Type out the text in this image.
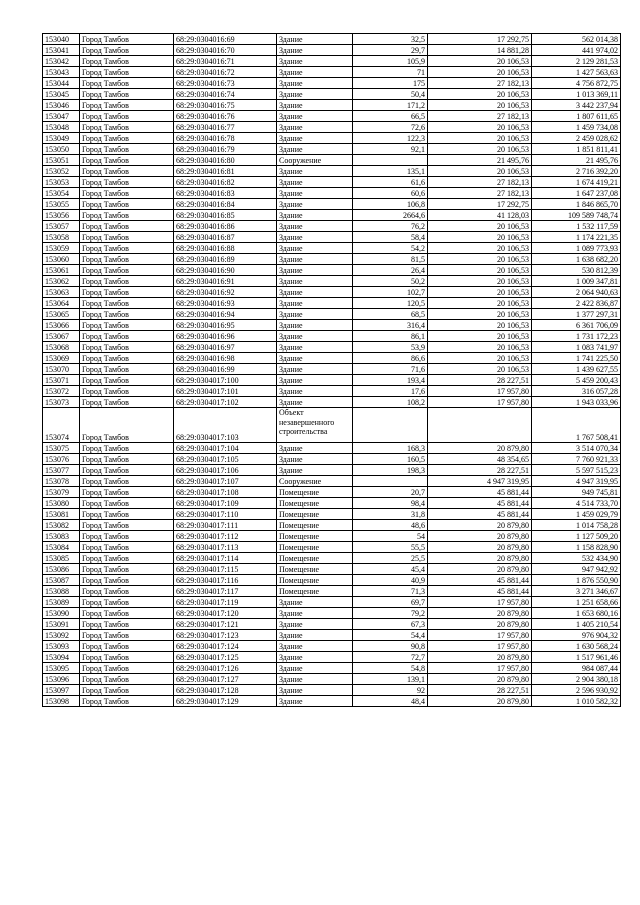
153040	Город Тамбов	68:29:0304016:69	Здание	32,5	17 292,75	562 014,38
153041	Город Тамбов	68:29:0304016:70	Здание	29,7	14 881,28	441 974,02
153042	Город Тамбов	68:29:0304016:71	Здание	105,9	20 106,53	2 129 281,53
153043	Город Тамбов	68:29:0304016:72	Здание	71	20 106,53	1 427 563,63
153044	Город Тамбов	68:29:0304016:73	Здание	175	27 182,13	4 756 872,75
153045	Город Тамбов	68:29:0304016:74	Здание	50,4	20 106,53	1 013 369,11
153046	Город Тамбов	68:29:0304016:75	Здание	171,2	20 106,53	3 442 237,94
153047	Город Тамбов	68:29:0304016:76	Здание	66,5	27 182,13	1 807 611,65
153048	Город Тамбов	68:29:0304016:77	Здание	72,6	20 106,53	1 459 734,08
153049	Город Тамбов	68:29:0304016:78	Здание	122,3	20 106,53	2 459 028,62
153050	Город Тамбов	68:29:0304016:79	Здание	92,1	20 106,53	1 851 811,41
153051	Город Тамбов	68:29:0304016:80	Сооружение		21 495,76	21 495,76
153052	Город Тамбов	68:29:0304016:81	Здание	135,1	20 106,53	2 716 392,20
153053	Город Тамбов	68:29:0304016:82	Здание	61,6	27 182,13	1 674 419,21
153054	Город Тамбов	68:29:0304016:83	Здание	60,6	27 182,13	1 647 237,08
153055	Город Тамбов	68:29:0304016:84	Здание	106,8	17 292,75	1 846 865,70
153056	Город Тамбов	68:29:0304016:85	Здание	2664,6	41 128,03	109 589 748,74
153057	Город Тамбов	68:29:0304016:86	Здание	76,2	20 106,53	1 532 117,59
153058	Город Тамбов	68:29:0304016:87	Здание	58,4	20 106,53	1 174 221,35
153059	Город Тамбов	68:29:0304016:88	Здание	54,2	20 106,53	1 089 773,93
153060	Город Тамбов	68:29:0304016:89	Здание	81,5	20 106,53	1 638 682,20
153061	Город Тамбов	68:29:0304016:90	Здание	26,4	20 106,53	530 812,39
153062	Город Тамбов	68:29:0304016:91	Здание	50,2	20 106,53	1 009 347,81
153063	Город Тамбов	68:29:0304016:92	Здание	102,7	20 106,53	2 064 940,63
153064	Город Тамбов	68:29:0304016:93	Здание	120,5	20 106,53	2 422 836,87
153065	Город Тамбов	68:29:0304016:94	Здание	68,5	20 106,53	1 377 297,31
153066	Город Тамбов	68:29:0304016:95	Здание	316,4	20 106,53	6 361 706,09
153067	Город Тамбов	68:29:0304016:96	Здание	86,1	20 106,53	1 731 172,23
153068	Город Тамбов	68:29:0304016:97	Здание	53,9	20 106,53	1 083 741,97
153069	Город Тамбов	68:29:0304016:98	Здание	86,6	20 106,53	1 741 225,50
153070	Город Тамбов	68:29:0304016:99	Здание	71,6	20 106,53	1 439 627,55
153071	Город Тамбов	68:29:0304017:100	Здание	193,4	28 227,51	5 459 200,43
153072	Город Тамбов	68:29:0304017:101	Здание	17,6	17 957,80	316 057,28
153073	Город Тамбов	68:29:0304017:102	Здание	108,2	17 957,80	1 943 033,96
153074	Город Тамбов	68:29:0304017:103	Объект незавершенного строительства			1 767 508,41
153075	Город Тамбов	68:29:0304017:104	Здание	168,3	20 879,80	3 514 070,34
153076	Город Тамбов	68:29:0304017:105	Здание	160,5	48 354,65	7 760 921,33
153077	Город Тамбов	68:29:0304017:106	Здание	198,3	28 227,51	5 597 515,23
153078	Город Тамбов	68:29:0304017:107	Сооружение		4 947 319,95	4 947 319,95
153079	Город Тамбов	68:29:0304017:108	Помещение	20,7	45 881,44	949 745,81
153080	Город Тамбов	68:29:0304017:109	Помещение	98,4	45 881,44	4 514 733,70
153081	Город Тамбов	68:29:0304017:110	Помещение	31,8	45 881,44	1 459 029,79
153082	Город Тамбов	68:29:0304017:111	Помещение	48,6	20 879,80	1 014 758,28
153083	Город Тамбов	68:29:0304017:112	Помещение	54	20 879,80	1 127 509,20
153084	Город Тамбов	68:29:0304017:113	Помещение	55,5	20 879,80	1 158 828,90
153085	Город Тамбов	68:29:0304017:114	Помещение	25,5	20 879,80	532 434,90
153086	Город Тамбов	68:29:0304017:115	Помещение	45,4	20 879,80	947 942,92
153087	Город Тамбов	68:29:0304017:116	Помещение	40,9	45 881,44	1 876 550,90
153088	Город Тамбов	68:29:0304017:117	Помещение	71,3	45 881,44	3 271 346,67
153089	Город Тамбов	68:29:0304017:119	Здание	69,7	17 957,80	1 251 658,66
153090	Город Тамбов	68:29:0304017:120	Здание	79,2	20 879,80	1 653 680,16
153091	Город Тамбов	68:29:0304017:121	Здание	67,3	20 879,80	1 405 210,54
153092	Город Тамбов	68:29:0304017:123	Здание	54,4	17 957,80	976 904,32
153093	Город Тамбов	68:29:0304017:124	Здание	90,8	17 957,80	1 630 568,24
153094	Город Тамбов	68:29:0304017:125	Здание	72,7	20 879,80	1 517 961,46
153095	Город Тамбов	68:29:0304017:126	Здание	54,8	17 957,80	984 087,44
153096	Город Тамбов	68:29:0304017:127	Здание	139,1	20 879,80	2 904 380,18
153097	Город Тамбов	68:29:0304017:128	Здание	92	28 227,51	2 596 930,92
153098	Город Тамбов	68:29:0304017:129	Здание	48,4	20 879,80	1 010 582,32
